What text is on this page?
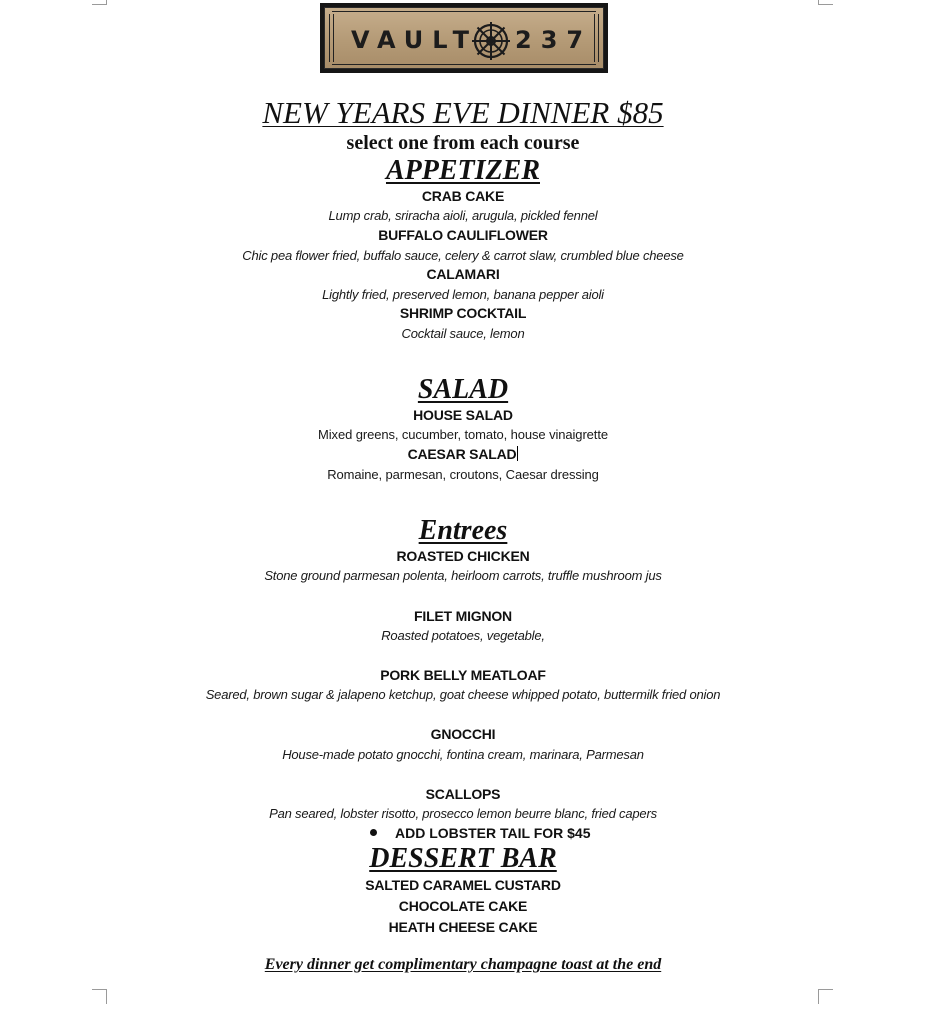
VAULT 237
NEW YEARS EVE DINNER $85
select one from each course
APPETIZER
CRAB CAKE
Lump crab, sriracha aioli, arugula, pickled fennel
BUFFALO CAULIFLOWER
Chic pea flower fried, buffalo sauce, celery & carrot slaw, crumbled blue cheese
CALAMARI
Lightly fried, preserved lemon, banana pepper aioli
SHRIMP COCKTAIL
Cocktail sauce, lemon
SALAD
HOUSE SALAD
Mixed greens, cucumber, tomato, house vinaigrette
CAESAR SALAD
Romaine, parmesan, croutons, Caesar dressing
Entrees
ROASTED CHICKEN
Stone ground parmesan polenta, heirloom carrots, truffle mushroom jus
FILET MIGNON
Roasted potatoes, vegetable,
PORK BELLY MEATLOAF
Seared, brown sugar & jalapeno ketchup, goat cheese whipped potato, buttermilk fried onion
GNOCCHI
House-made potato gnocchi, fontina cream, marinara, Parmesan
SCALLOPS
Pan seared, lobster risotto, prosecco lemon beurre blanc, fried capers
ADD LOBSTER TAIL FOR $45
DESSERT BAR
SALTED CARAMEL CUSTARD
CHOCOLATE CAKE
HEATH CHEESE CAKE
Every dinner get complimentary champagne toast at the end
